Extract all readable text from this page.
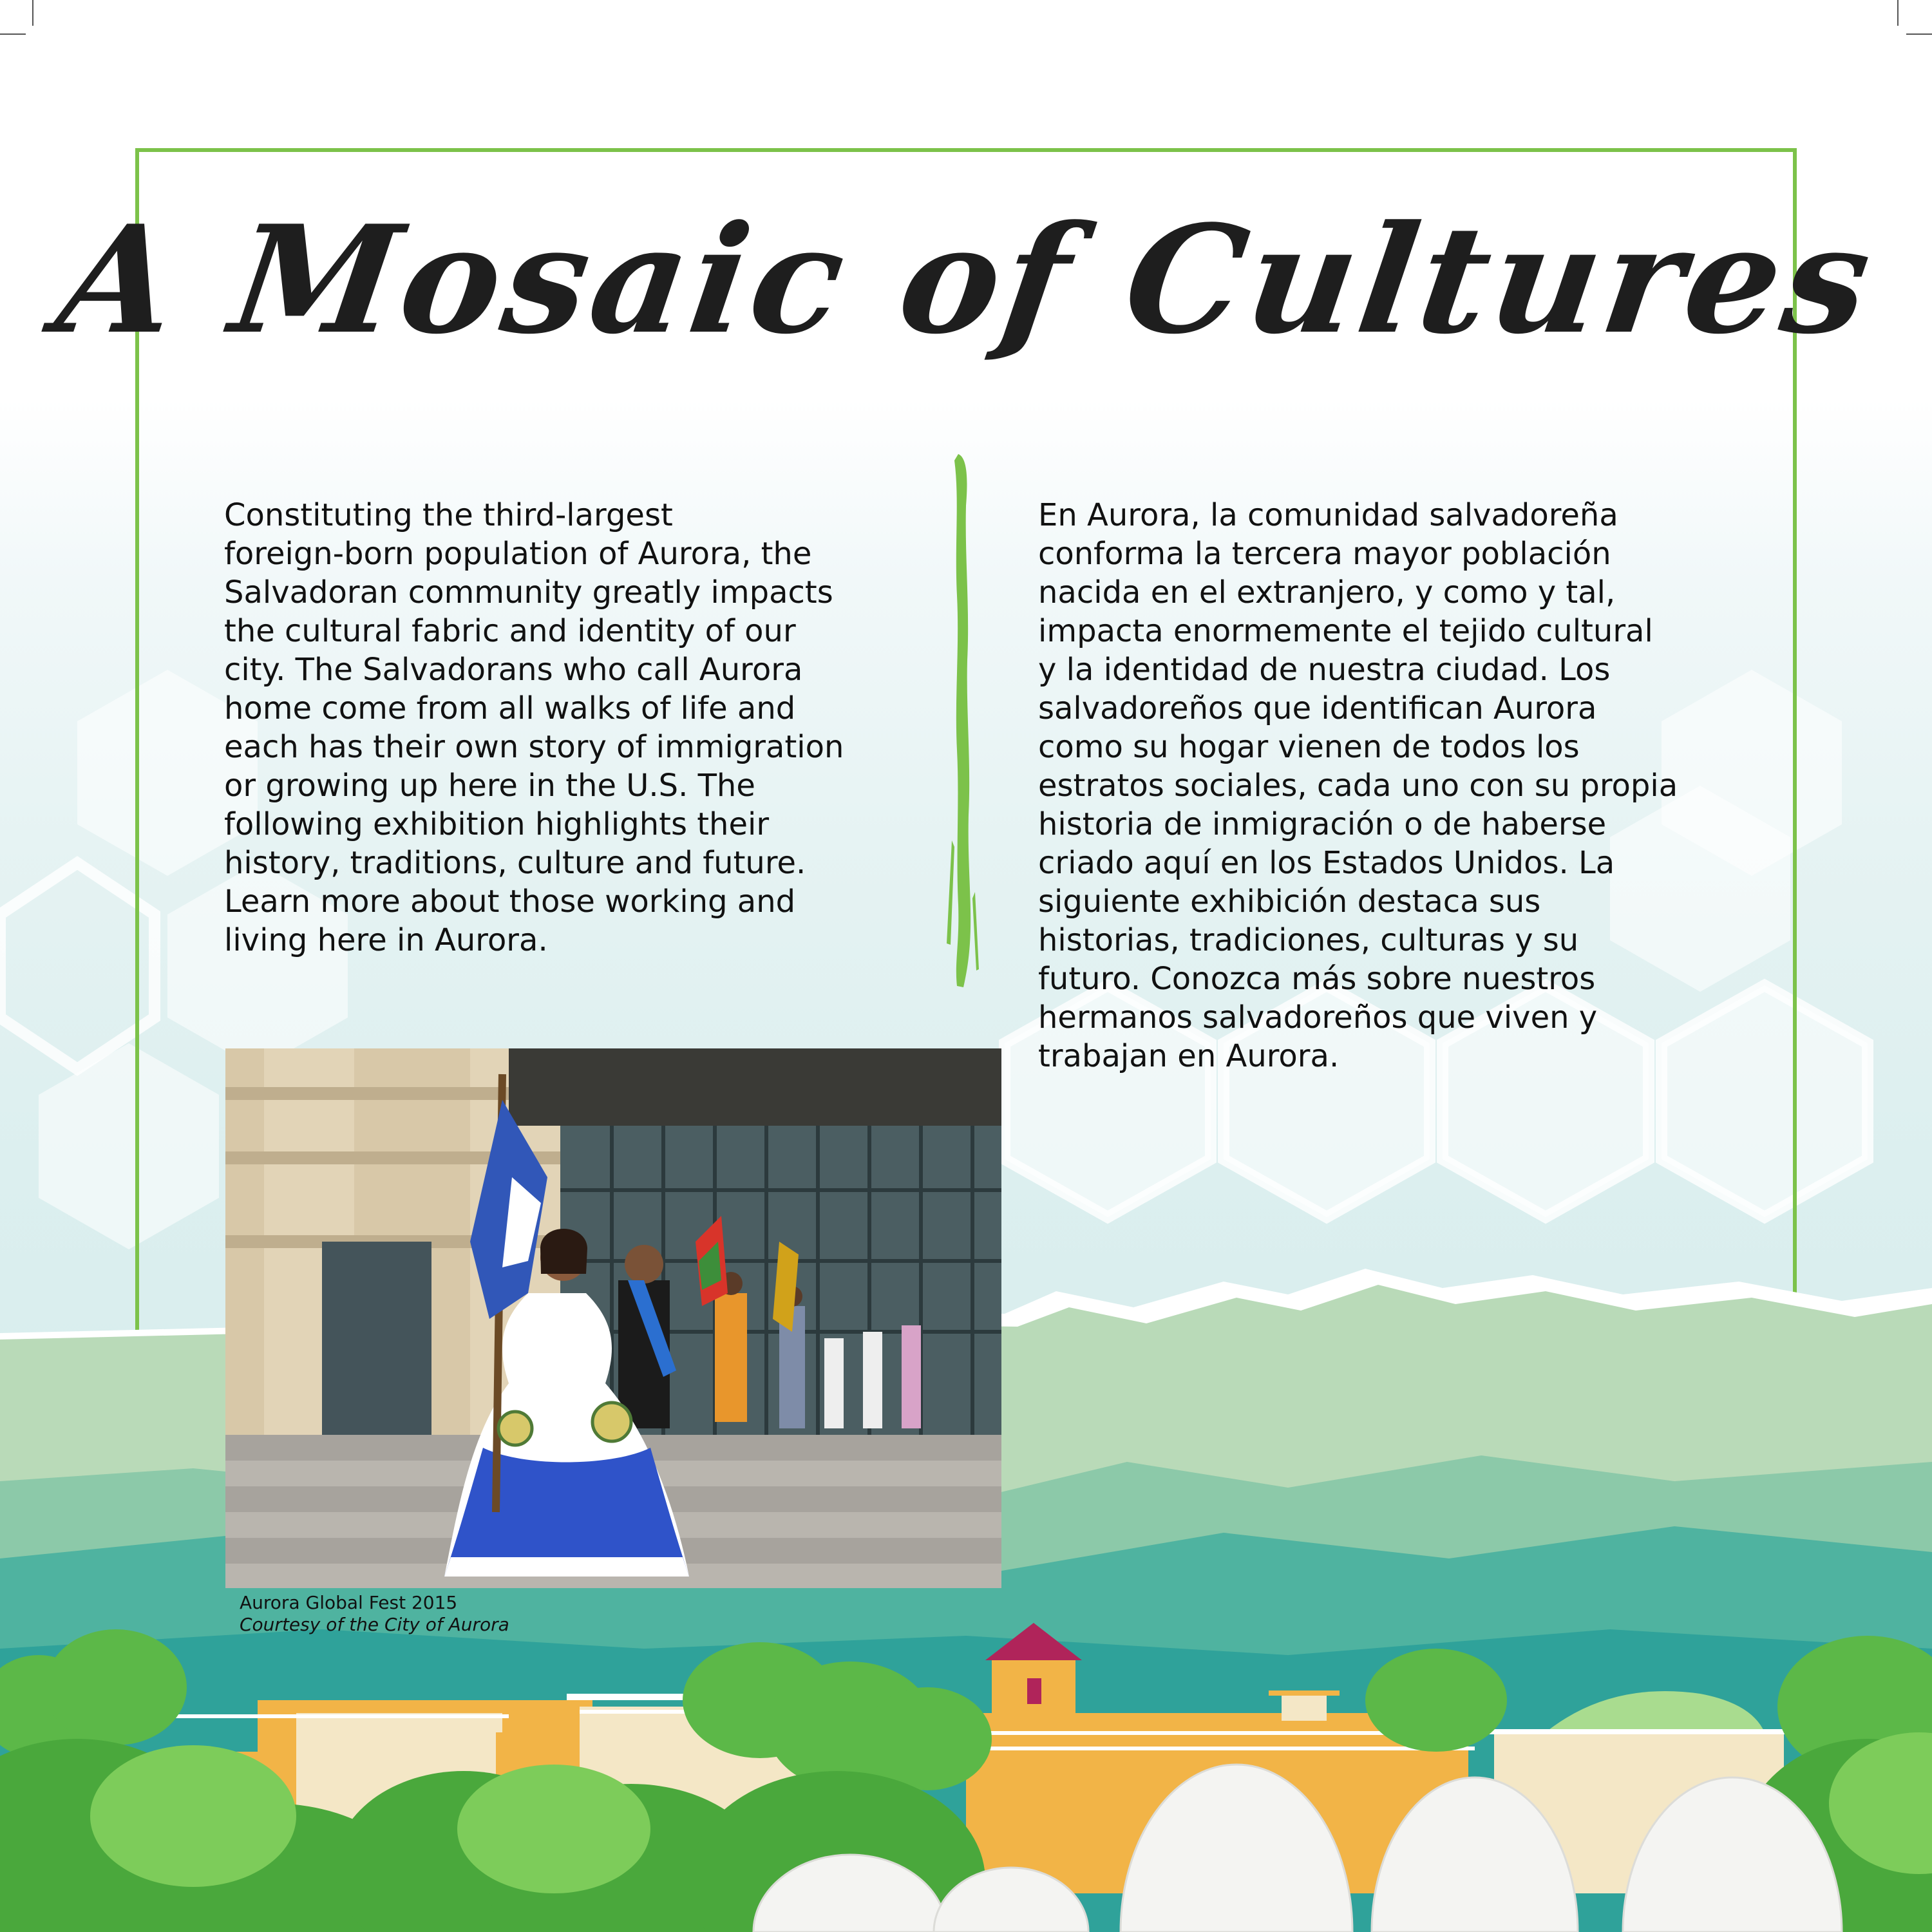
A Mosaic of Cultures

Constituting the third-largest
foreign-born population of Aurora, the
Salvadoran community greatly impacts
the cultural fabric and identity of our
city. The Salvadorans who call Aurora
home come from all walks of life and
each has their own story of immigration
or growing up here in the U.S. The
following exhibition highlights their
history, traditions, culture and future.
Learn more about those working and
living here in Aurora.

En Aurora, la comunidad salvadoreña
conforma la tercera mayor población
nacida en el extranjero, y como y tal,
impacta enormemente el tejido cultural
y la identidad de nuestra ciudad. Los
salvadoreños que identifican Aurora
como su hogar vienen de todos los
estratos sociales, cada uno con su propia
historia de inmigración o de haberse
criado aquí en los Estados Unidos. La
siguiente exhibición destaca sus
historias, tradiciones, culturas y su
futuro. Conozca más sobre nuestros
hermanos salvadoreños que viven y
trabajan en Aurora.

Aurora Global Fest 2015
Courtesy of the City of Aurora
